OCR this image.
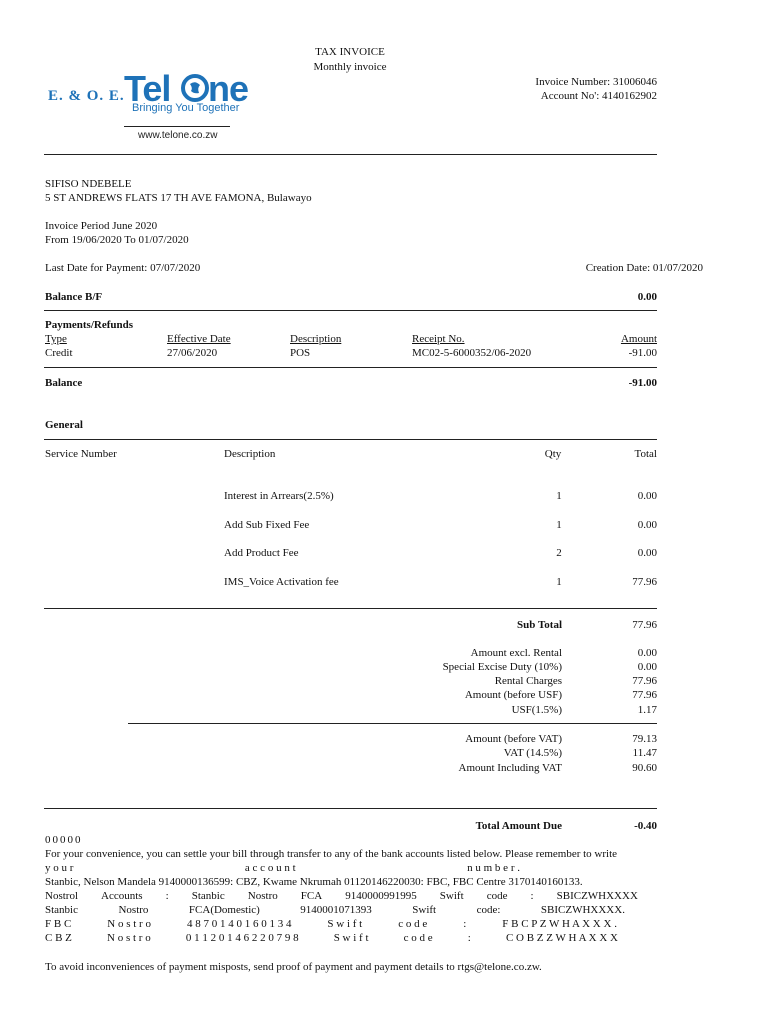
TAX INVOICE
Monthly invoice
E. & O. E. Tel ne
Bringing You Together
www.telone.co.zw
Invoice Number: 31006046
Account No': 4140162902
SIFISO NDEBELE
5 ST ANDREWS FLATS 17 TH AVE FAMONA, Bulawayo
Invoice Period June 2020
From 19/06/2020 To 01/07/2020
Last Date for Payment: 07/07/2020	Creation Date: 01/07/2020
Balance B/F	0.00
Payments/Refunds
Type	Effective Date	Description	Receipt No.	Amount
Credit	27/06/2020	POS	MC02-5-6000352/06-2020	-91.00
Balance	-91.00
General
Service Number	Description	Qty	Total
Interest in Arrears(2.5%)	1	0.00
Add Sub Fixed Fee	1	0.00
Add Product Fee	2	0.00
IMS_Voice Activation fee	1	77.96
Sub Total	77.96
Amount excl. Rental	0.00
Special Excise Duty (10%)	0.00
Rental Charges	77.96
Amount (before USF)	77.96
USF(1.5%)	1.17
Amount (before VAT)	79.13
VAT (14.5%)	11.47
Amount Including VAT	90.60
Total Amount Due	-0.40
00000
For your convenience, you can settle your bill through transfer to any of the bank accounts listed below. Please remember to write
y o u r	a c c o u n t	n u m b e r .
Stanbic, Nelson Mandela 9140000136599: CBZ, Kwame Nkrumah 01120146220030: FBC, FBC Centre 3170140160133.
Nostrol Accounts : Stanbic Nostro FCA 9140000991995 Swift code : SBICZWHXXXX
Stanbic	Nostro	FCA(Domestic)	9140001071393	Swift	code:	SBICZWHXXXX.
F B C	N o s t r o	4 8 7 0 1 4 0 1 6 0 1 3 4	S w i f t	c o d e	:	F B C P Z W H A X X X .
C B Z	N o s t r o	0 1 1 2 0 1 4 6 2 2 0 7 9 8	S w i f t	c o d e	:	C O B Z Z W H A X X X
To avoid inconveniences of payment misposts, send proof of payment and payment details to rtgs@telone.co.zw.
